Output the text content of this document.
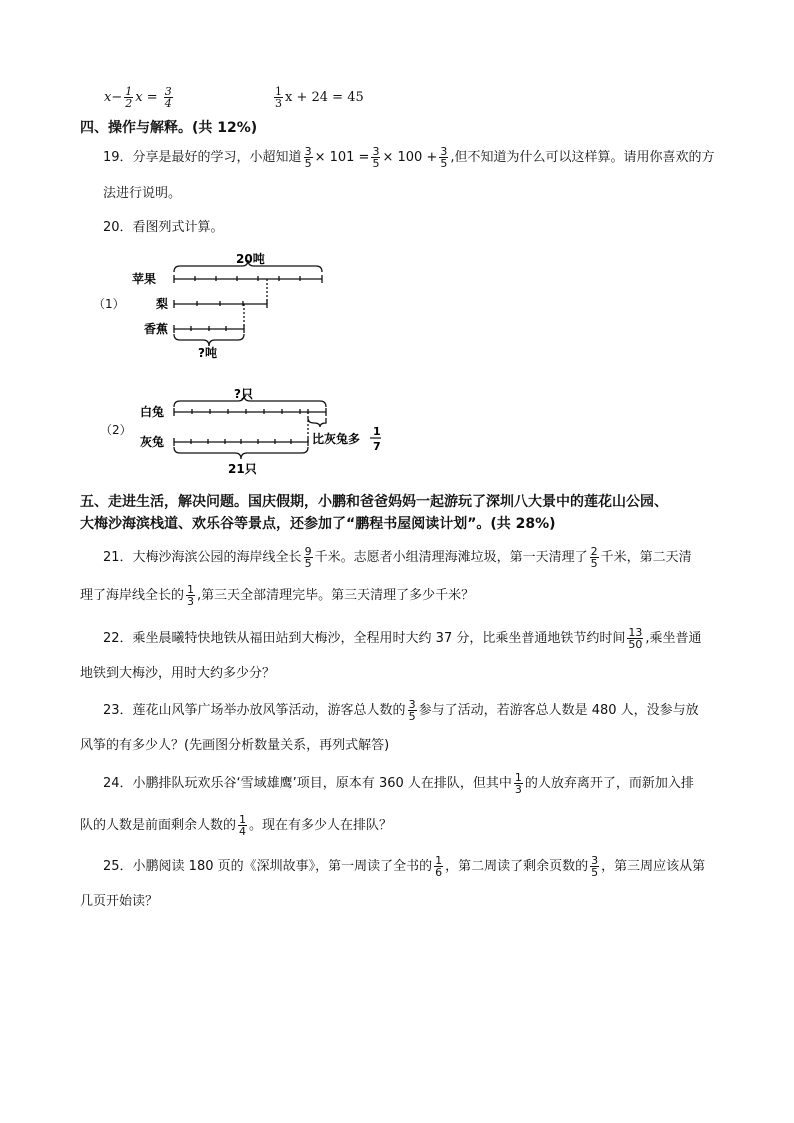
$x- \frac{1}{2}$ $x = \frac{3}{4}$	$\frac{1}{3}$ x + 24 = 45
四、操作与解释。(共 12%)
19．分享是最好的学习，小超知道 $\frac{3}{5} \times 101 = \frac{3}{5} \times 100 + \frac{3}{5}$ ,但不知道为什么可以这样算。请用你喜欢的方
法进行说明。
20．看图列式计算。
（1）
苹果
梨
香蕉
20吨
?吨
（2）
白兔
灰兔
?只
21只
比灰兔多
1
7
五、走进生活，解决问题。国庆假期，小鹏和爸爸妈妈一起游玩了深圳八大景中的莲花山公园、
大梅沙海滨栈道、欢乐谷等景点，还参加了“鹏程书屋阅读计划”。(共 28%)
21．大梅沙海滨公园的海岸线全长 $\frac{9}{5}$ 千米。志愿者小组清理海滩垃圾，第一天清理了 $\frac{2}{5}$ 千米，第二天清
理了海岸线全长的 $\frac{1}{3}$ ,第三天全部清理完毕。第三天清理了多少千米？
22．乘坐晨曦特快地铁从福田站到大梅沙，全程用时大约 37 分，比乘坐普通地铁节约时间 $\frac{13}{50}$ ,乘坐普通
地铁到大梅沙，用时大约多少分？
23．莲花山风筝广场举办放风筝活动，游客总人数的 $\frac{3}{5}$ 参与了活动，若游客总人数是 480 人，没参与放
风筝的有多少人？(先画图分析数量关系，再列式解答)
24．小鹏排队玩欢乐谷‘雪域雄鹰’项目，原本有 360 人在排队，但其中 $\frac{1}{3}$ 的人放弃离开了，而新加入排
队的人数是前面剩余人数的 $\frac{1}{4}$ 。现在有多少人在排队？
25．小鹏阅读 180 页的《深圳故事》，第一周读了全书的 $\frac{1}{6}$ ，第二周读了剩余页数的 $\frac{3}{5}$ ，第三周应该从第
几页开始读？
